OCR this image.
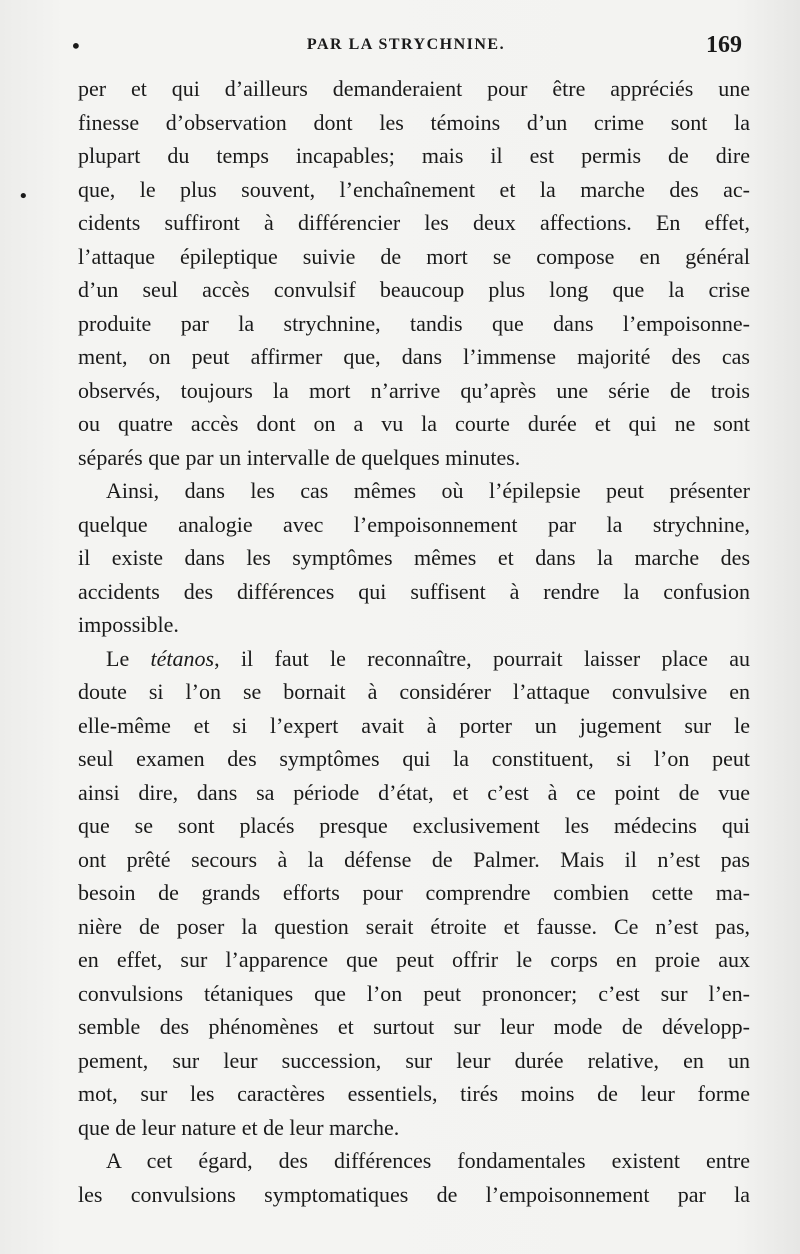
•	PAR LA STRYCHNINE.	169
•
per et qui d’ailleurs demanderaient pour être appréciés une
finesse d’observation dont les témoins d’un crime sont la
plupart du temps incapables; mais il est permis de dire
que, le plus souvent, l’enchaînement et la marche des ac-
cidents suffiront à différencier les deux affections. En effet,
l’attaque épileptique suivie de mort se compose en général
d’un seul accès convulsif beaucoup plus long que la crise
produite par la strychnine, tandis que dans l’empoisonne-
ment, on peut affirmer que, dans l’immense majorité des cas
observés, toujours la mort n’arrive qu’après une série de trois
ou quatre accès dont on a vu la courte durée et qui ne sont
séparés que par un intervalle de quelques minutes.
Ainsi, dans les cas mêmes où l’épilepsie peut présenter
quelque analogie avec l’empoisonnement par la strychnine,
il existe dans les symptômes mêmes et dans la marche des
accidents des différences qui suffisent à rendre la confusion
impossible.
Le tétanos, il faut le reconnaître, pourrait laisser place au
doute si l’on se bornait à considérer l’attaque convulsive en
elle-même et si l’expert avait à porter un jugement sur le
seul examen des symptômes qui la constituent, si l’on peut
ainsi dire, dans sa période d’état, et c’est à ce point de vue
que se sont placés presque exclusivement les médecins qui
ont prêté secours à la défense de Palmer. Mais il n’est pas
besoin de grands efforts pour comprendre combien cette ma-
nière de poser la question serait étroite et fausse. Ce n’est pas,
en effet, sur l’apparence que peut offrir le corps en proie aux
convulsions tétaniques que l’on peut prononcer; c’est sur l’en-
semble des phénomènes et surtout sur leur mode de développ-
pement, sur leur succession, sur leur durée relative, en un
mot, sur les caractères essentiels, tirés moins de leur forme
que de leur nature et de leur marche.
A cet égard, des différences fondamentales existent entre
les convulsions symptomatiques de l’empoisonnement par la
